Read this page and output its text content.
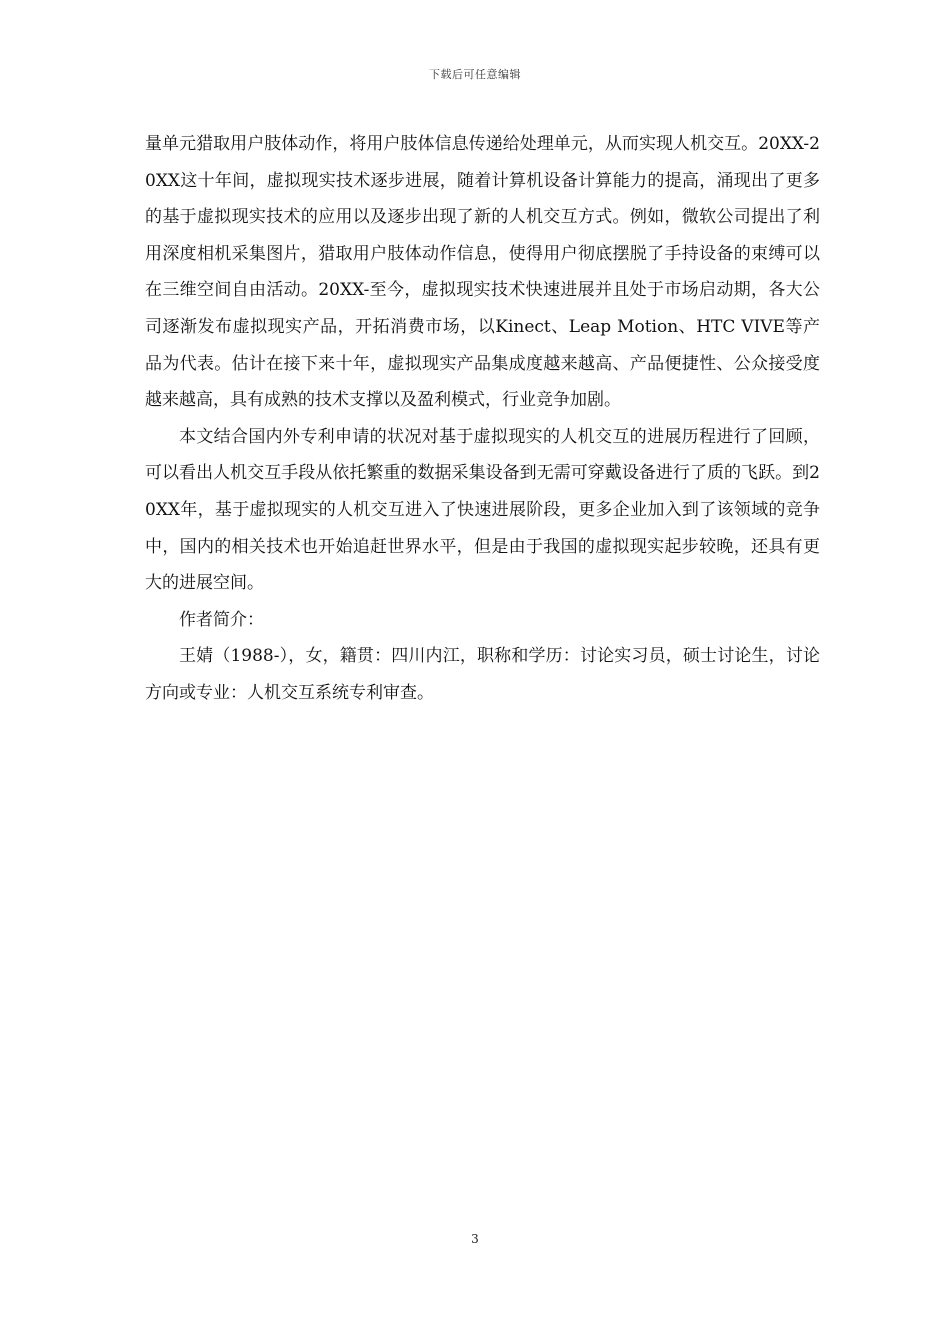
下载后可任意编辑

量单元猎取用户肢体动作，将用户肢体信息传递给处理单元，从而实现人机交互。20XX-20XX这十年间，虚拟现实技术逐步进展，随着计算机设备计算能力的提高，涌现出了更多的基于虚拟现实技术的应用以及逐步出现了新的人机交互方式。例如，微软公司提出了利用深度相机采集图片，猎取用户肢体动作信息，使得用户彻底摆脱了手持设备的束缚可以在三维空间自由活动。20XX-至今，虚拟现实技术快速进展并且处于市场启动期，各大公司逐渐发布虚拟现实产品，开拓消费市场，以Kinect、Leap Motion、HTC VIVE等产品为代表。估计在接下来十年，虚拟现实产品集成度越来越高、产品便捷性、公众接受度越来越高，具有成熟的技术支撑以及盈利模式，行业竞争加剧。

本文结合国内外专利申请的状况对基于虚拟现实的人机交互的进展历程进行了回顾，可以看出人机交互手段从依托繁重的数据采集设备到无需可穿戴设备进行了质的飞跃。到20XX年，基于虚拟现实的人机交互进入了快速进展阶段，更多企业加入到了该领域的竞争中，国内的相关技术也开始追赶世界水平，但是由于我国的虚拟现实起步较晚，还具有更大的进展空间。

作者简介：

王婧（1988-），女，籍贯：四川内江，职称和学历：讨论实习员，硕士讨论生，讨论方向或专业：人机交互系统专利审查。

3
